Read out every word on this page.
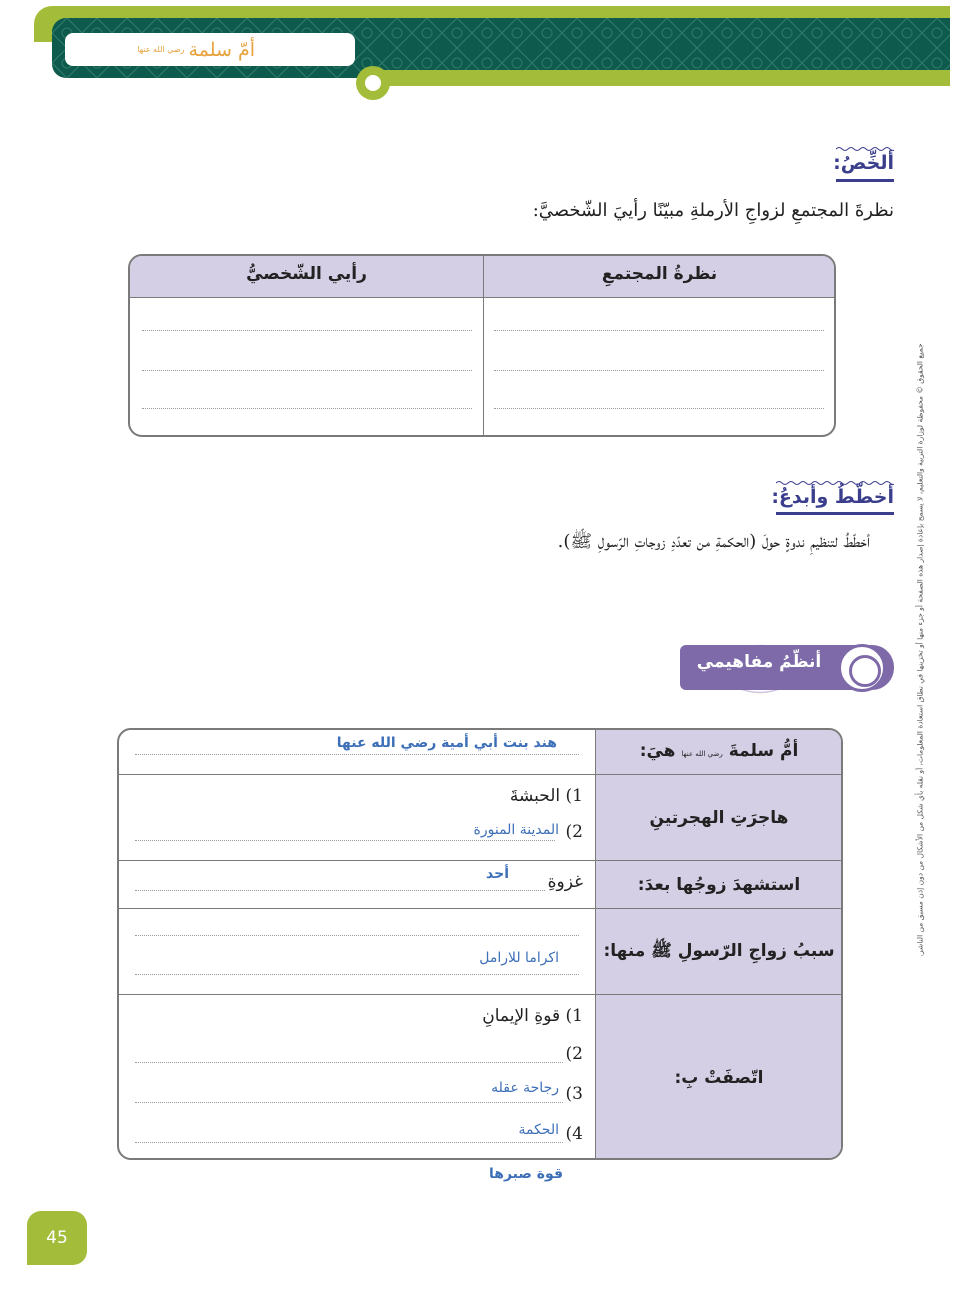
أمّ سلمة
رضي الله عنها
ألخِّصُ:
نظرةَ المجتمعِ لزواجِ الأرملةِ مبيّنًا رأييَ الشّخصيَّ:
نظرةُ المجتمعِ
رأيي الشّخصيُّ
أخطّطُ وأبدعُ:
أخطّطُ لتنظيمِ ندوةٍ حولَ (الحكمةِ من تعدّدِ زوجاتِ الرّسولِ ﷺ).
أنظّمُ مفاهيمي
أمُّ سلمةَ رضي الله عنها هيَ:
هند بنت أبي أمية رضي الله عنها
هاجرَتِ الهجرتينِ
1) الحبشةَ
2)
المدينة المنورة
استشهدَ زوجُها بعدَ:
غزوةِ
أحد
سببُ زواجِ الرّسولِ ﷺ منها:
اكراما للارامل
اتّصفَتْ بِ:
1) قوةِ الإيمانِ
2)
3)
رجاحة عقله
4)
الحكمة
قوة صبرها
جميع الحقوق © محفوظة لوزارة التربية والتعليم، لا يسمح بإعادة إصدار هذه الصفحة أو جزء منها أو تخزينها في نطاق استعادة المعلومات، أو نقله بأي شكل من الأشكال من دون إذن مسبق من الناشر.
45
